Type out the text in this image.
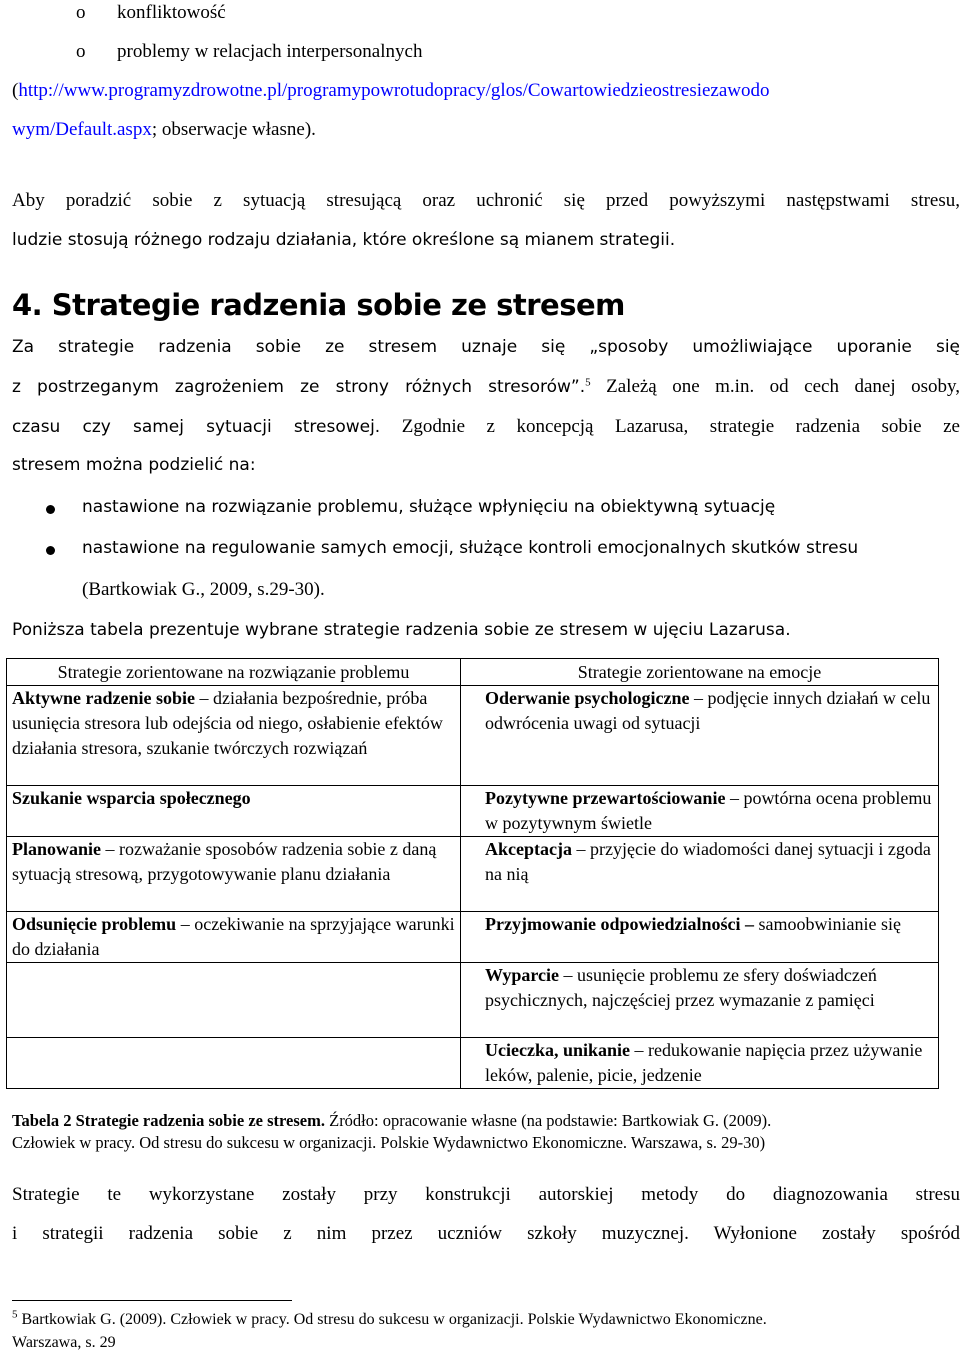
o konfliktowość
o problemy w relacjach interpersonalnych
(http://www.programyzdrowotne.pl/programypowrotudopracy/glos/Cowartowiedzieostresiezawodo
wym/Default.aspx; obserwacje własne).
Aby poradzić sobie z sytuacją stresującą oraz uchronić się przed powyższymi następstwami stresu,
ludzie stosują różnego rodzaju działania, które określone są mianem strategii.
4. Strategie radzenia sobie ze stresem
Za strategie radzenia sobie ze stresem uznaje się „sposoby umożliwiające uporanie się
z postrzeganym zagrożeniem ze strony różnych stresorów”.$^5$ Zależą one m.in. od cech danej osoby,
czasu czy samej sytuacji stresowej. Zgodnie z koncepcją Lazarusa, strategie radzenia sobie ze
stresem można podzielić na:
nastawione na rozwiązanie problemu, służące wpłynięciu na obiektywną sytuację
nastawione na regulowanie samych emocji, służące kontroli emocjonalnych skutków stresu
(Bartkowiak G., 2009, s.29-30).
Poniższa tabela prezentuje wybrane strategie radzenia sobie ze stresem w ujęciu Lazarusa.
Strategie zorientowane na rozwiązanie problemu	Strategie zorientowane na emocje
Aktywne radzenie sobie – działania bezpośrednie, próba usunięcia stresora lub odejścia od niego, osłabienie efektów działania stresora, szukanie twórczych rozwiązań	Oderwanie psychologiczne – podjęcie innych działań w celu odwrócenia uwagi od sytuacji
Szukanie wsparcia społecznego	Pozytywne przewartościowanie – powtórna ocena problemu w pozytywnym świetle
Planowanie – rozważanie sposobów radzenia sobie z daną sytuacją stresową, przygotowywanie planu działania	Akceptacja – przyjęcie do wiadomości danej sytuacji i zgoda na nią
Odsunięcie problemu – oczekiwanie na sprzyjające warunki do działania	Przyjmowanie odpowiedzialności – samoobwinianie się
	Wyparcie – usunięcie problemu ze sfery doświadczeń psychicznych, najczęściej przez wymazanie z pamięci
	Ucieczka, unikanie – redukowanie napięcia przez używanie leków, palenie, picie, jedzenie
Tabela 2 Strategie radzenia sobie ze stresem. Źródło: opracowanie własne (na podstawie: Bartkowiak G. (2009).
Człowiek w pracy. Od stresu do sukcesu w organizacji. Polskie Wydawnictwo Ekonomiczne. Warszawa, s. 29-30)
Strategie te wykorzystane zostały przy konstrukcji autorskiej metody do diagnozowania stresu
i strategii radzenia sobie z nim przez uczniów szkoły muzycznej. Wyłonione zostały spośród
$^5$ Bartkowiak G. (2009). Człowiek w pracy. Od stresu do sukcesu w organizacji. Polskie Wydawnictwo Ekonomiczne.
Warszawa, s. 29
